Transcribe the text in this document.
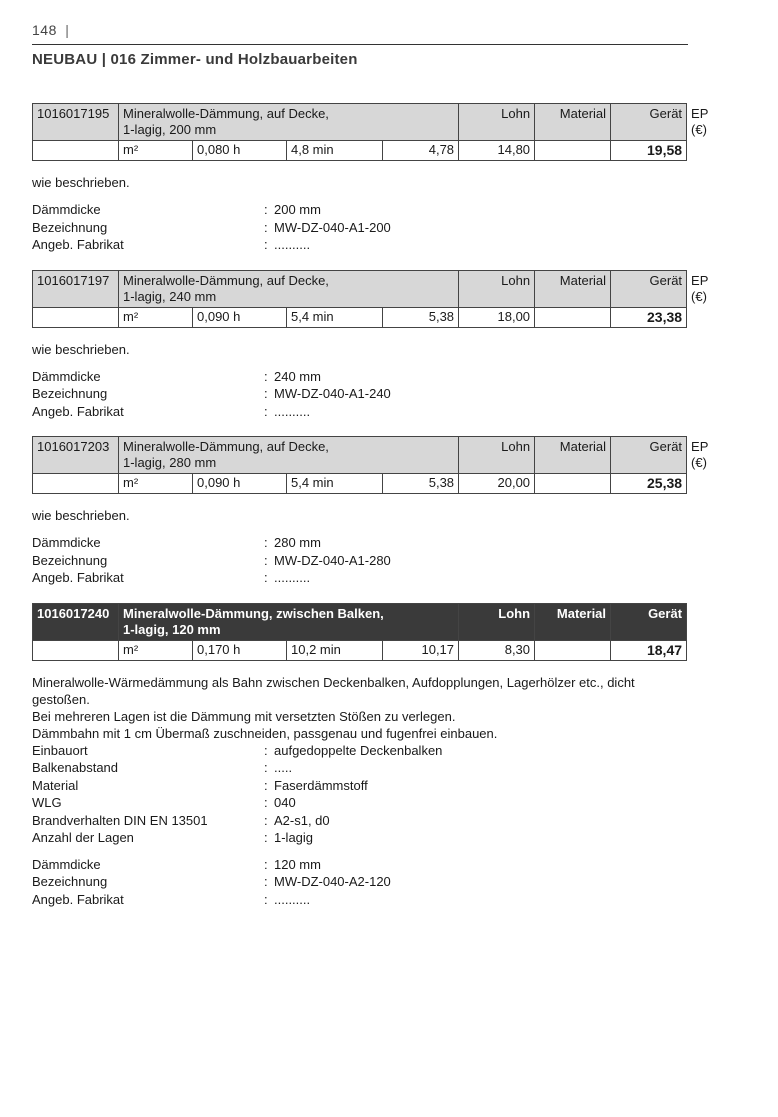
148 |
NEUBAU | 016 Zimmer- und Holzbauarbeiten
1016017195	Mineralwolle-Dämmung, auf Decke,
1-lagig, 200 mm				Lohn	Material	Gerät	EP (€)
	m²	0,080 h	4,8 min	4,78	14,80		19,58	
wie beschrieben.
Dämmdicke	: 200 mm
Bezeichnung	: MW-DZ-040-A1-200
Angeb. Fabrikat	: ..........
1016017197	Mineralwolle-Dämmung, auf Decke,
1-lagig, 240 mm				Lohn	Material	Gerät	EP (€)
	m²	0,090 h	5,4 min	5,38	18,00		23,38	
wie beschrieben.
Dämmdicke	: 240 mm
Bezeichnung	: MW-DZ-040-A1-240
Angeb. Fabrikat	: ..........
1016017203	Mineralwolle-Dämmung, auf Decke,
1-lagig, 280 mm				Lohn	Material	Gerät	EP (€)
	m²	0,090 h	5,4 min	5,38	20,00		25,38	
wie beschrieben.
Dämmdicke	: 280 mm
Bezeichnung	: MW-DZ-040-A1-280
Angeb. Fabrikat	: ..........
1016017240	Mineralwolle-Dämmung, zwischen Balken,
1-lagig, 120 mm				Lohn	Material	Gerät	EP (€)
	m²	0,170 h	10,2 min	10,17	8,30		18,47	
Mineralwolle-Wärmedämmung als Bahn zwischen Deckenbalken, Aufdopplungen, Lagerhölzer etc., dicht gestoßen.
Bei mehreren Lagen ist die Dämmung mit versetzten Stößen zu verlegen.
Dämmbahn mit 1 cm Übermaß zuschneiden, passgenau und fugenfrei einbauen.
Einbauort	: aufgedoppelte Deckenbalken
Balkenabstand	: .....
Material	: Faserdämmstoff
WLG	: 040
Brandverhalten DIN EN 13501	: A2-s1, d0
Anzahl der Lagen	: 1-lagig
Dämmdicke	: 120 mm
Bezeichnung	: MW-DZ-040-A2-120
Angeb. Fabrikat	: ..........
